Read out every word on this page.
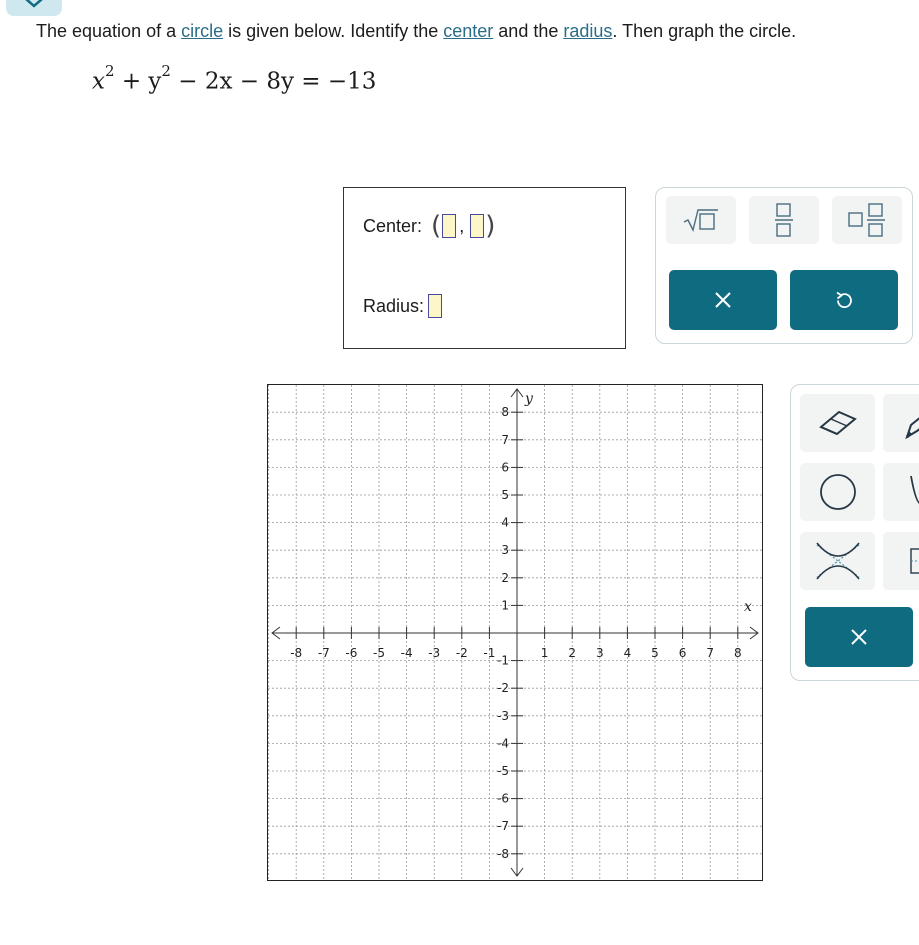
The equation of a circle is given below. Identify the center and the radius. Then graph the circle.
$x^2 + y^2 - 2x - 8y = -13$
Center: ( , )
Radius:
x
y
-8 -7 -6 -5 -4 -3 -2 -1	1 2 3 4 5 6 7 8
8
7
6
5
4
3
2
1
-1
-2
-3
-4
-5
-6
-7
-8
